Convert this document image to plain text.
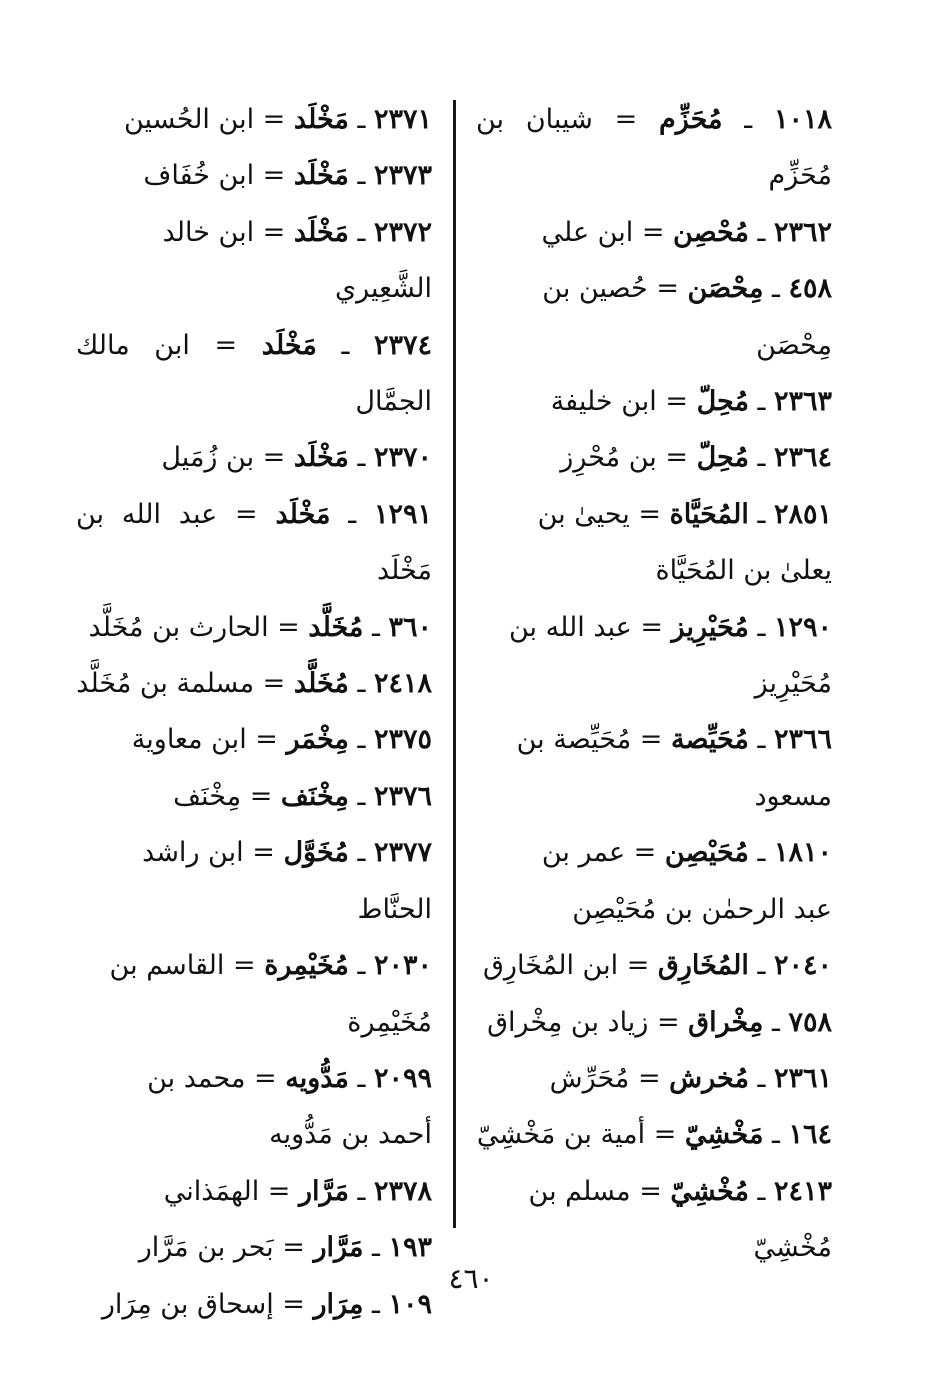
١٠١٨ ـ مُحَزِّم = شيبان بن مُحَزِّم
٢٣٦٢ ـ مُحْصِن = ابن علي
٤٥٨ ـ مِحْصَن = حُصين بن
مِحْصَن
٢٣٦٣ ـ مُحِلّ = ابن خليفة
٢٣٦٤ ـ مُحِلّ = بن مُحْرِز
٢٨٥١ ـ المُحَيَّاة = يحيىٰ بن
يعلىٰ بن المُحَيَّاة
١٢٩٠ ـ مُحَيْرِيز = عبد الله بن
مُحَيْرِيز
٢٣٦٦ ـ مُحَيِّصة = مُحَيِّصة بن
مسعود
١٨١٠ ـ مُحَيْصِن = عمر بن
عبد الرحمٰن بن مُحَيْصِن
٢٠٤٠ ـ المُخَارِق = ابن المُخَارِق
٧٥٨ ـ مِخْراق = زياد بن مِخْراق
٢٣٦١ ـ مُخرش = مُحَرِّش
١٦٤ ـ مَخْشِيّ = أمية بن مَخْشِيّ
٢٤١٣ ـ مُخْشِيّ = مسلم بن
مُخْشِيّ
٢٣٧١ ـ مَخْلَد = ابن الحُسين
٢٣٧٣ ـ مَخْلَد = ابن خُفَاف
٢٣٧٢ ـ مَخْلَد = ابن خالد
الشَّعِيري
٢٣٧٤ ـ مَخْلَد = ابن مالك الجمَّال
٢٣٧٠ ـ مَخْلَد = بن زُمَيل
١٢٩١ ـ مَخْلَد = عبد الله بن مَخْلَد
٣٦٠ ـ مُخَلَّد = الحارث بن مُخَلَّد
٢٤١٨ ـ مُخَلَّد = مسلمة بن مُخَلَّد
٢٣٧٥ ـ مِخْمَر = ابن معاوية
٢٣٧٦ ـ مِخْنَف = مِخْنَف
٢٣٧٧ ـ مُخَوَّل = ابن راشد
الحنَّاط
٢٠٣٠ ـ مُخَيْمِرة = القاسم بن
مُخَيْمِرة
٢٠٩٩ ـ مَدُّويه = محمد بن
أحمد بن مَدُّويه
٢٣٧٨ ـ مَرَّار = الهمَذاني
١٩٣ ـ مَرَّار = بَحر بن مَرَّار
١٠٩ ـ مِرَار = إسحاق بن مِرَار
٤٦٠
